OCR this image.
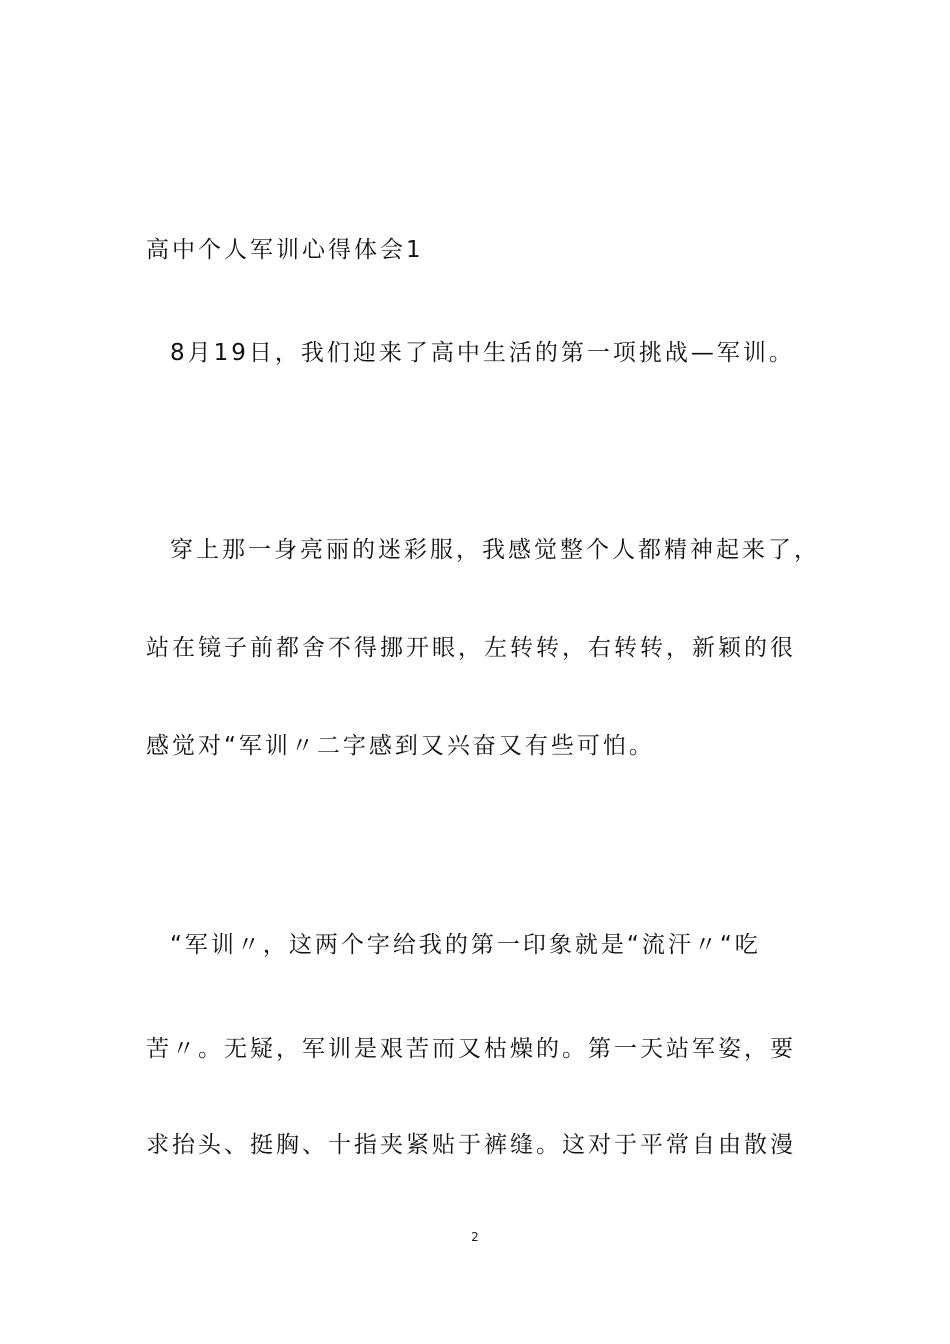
高中个人军训心得体会1
8月19日，我们迎来了高中生活的第一项挑战—军训。
穿上那一身亮丽的迷彩服，我感觉整个人都精神起来了，
站在镜子前都舍不得挪开眼，左转转，右转转，新颖的很
感觉对“军训〃二字感到又兴奋又有些可怕。
“军训〃，这两个字给我的第一印象就是“流汗〃“吃
苦〃。无疑，军训是艰苦而又枯燥的。第一天站军姿，要
求抬头、挺胸、十指夹紧贴于裤缝。这对于平常自由散漫
2
